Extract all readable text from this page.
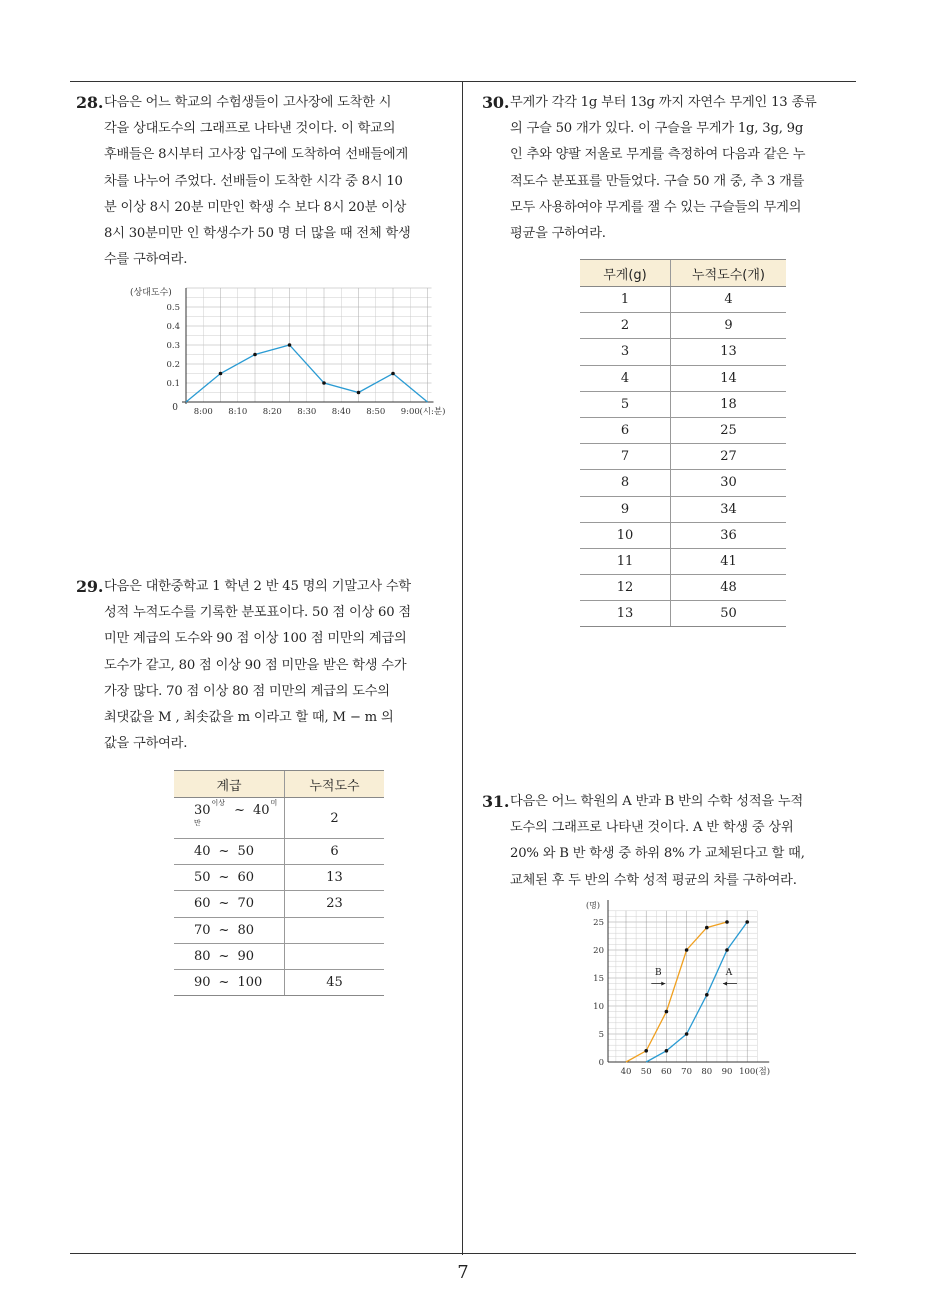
7
28. 다음은 어느 학교의 수험생들이 고사장에 도착한 시
각을 상대도수의 그래프로 나타낸 것이다. 이 학교의
후배들은 8시부터 고사장 입구에 도착하여 선배들에게
차를 나누어 주었다. 선배들이 도착한 시각 중 8시 10
분 이상 8시 20분 미만인 학생 수 보다 8시 20분 이상
8시 30분미만 인 학생수가 50 명 더 많을 때 전체 학생
수를 구하여라.
(상대도수)
0.1
0.2
0.3
0.4
0.5
0 8:00 8:10 8:20 8:30 8:40 8:50 9:00 (시:분)
29. 다음은 대한중학교 1 학년 2 반 45 명의 기말고사 수학
성적 누적도수를 기록한 분포표이다. 50 점 이상 60 점
미만 계급의 도수와 90 점 이상 100 점 미만의 계급의
도수가 같고, 80 점 이상 90 점 미만을 받은 학생 수가
가장 많다. 70 점 이상 80 점 미만의 계급의 도수의
최댓값을 M , 최솟값을 m 이라고 할 때, M − m 의
값을 구하여라.
계급	누적도수
$30^{이상}$ ~ $40^{미만}$	2
40 ~ 50	6
50 ~ 60	13
60 ~ 70	23
70 ~ 80	
80 ~ 90	
90 ~ 100	45
30. 무게가 각각 1g 부터 13g 까지 자연수 무게인 13 종류
의 구슬 50 개가 있다. 이 구슬을 무게가 1g, 3g, 9g
인 추와 양팔 저울로 무게를 측정하여 다음과 같은 누
적도수 분포표를 만들었다. 구슬 50 개 중, 추 3 개를
모두 사용하여야 무게를 잴 수 있는 구슬들의 무게의
평균을 구하여라.
무게(g)	누적도수(개)
1	4
2	9
3	13
4	14
5	18
6	25
7	27
8	30
9	34
10	36
11	41
12	48
13	50
31. 다음은 어느 학원의 A 반과 B 반의 수학 성적을 누적
도수의 그래프로 나타낸 것이다. A 반 학생 중 상위
20% 와 B 반 학생 중 하위 8% 가 교체된다고 할 때,
교체된 후 두 반의 수학 성적 평균의 차를 구하여라.
(명)
0
5
10
15
20
25
40 50 60 70 80 90 100 (점)
B	A
